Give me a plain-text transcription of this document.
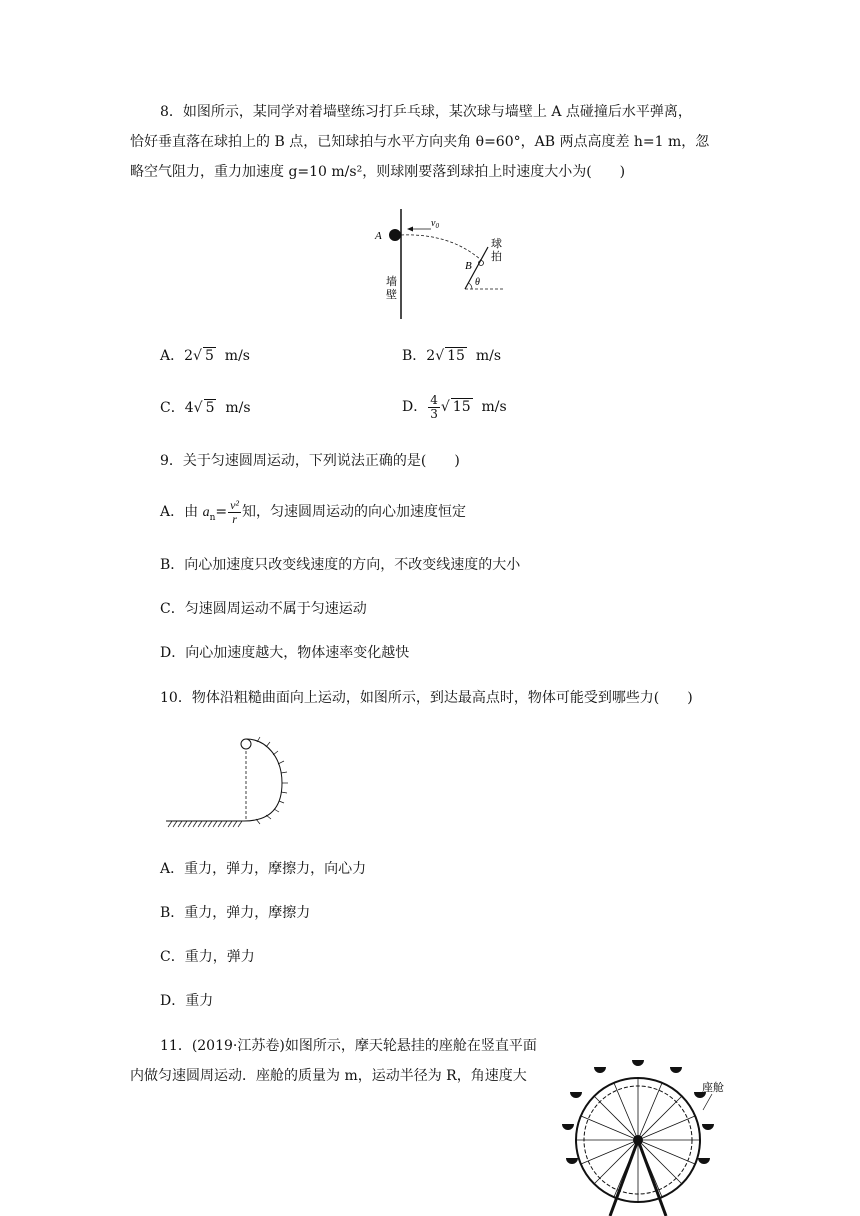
8．如图所示，某同学对着墙壁练习打乒乓球，某次球与墙壁上 A 点碰撞后水平弹离，
恰好垂直落在球拍上的 B 点，已知球拍与水平方向夹角 θ=60°，AB 两点高度差 h=1 m，忽
略空气阻力，重力加速度 g=10 m/s²，则球刚要落到球拍上时速度大小为(　　)
A
$v_0$
B
θ
球
拍
墙
壁
A．2√ 5 m/s	B．2√ 15 m/s
C．4√ 5 m/s	D． $\frac{4}{3}$ √ 15 m/s
9．关于匀速圆周运动，下列说法正确的是(　　)
A．由 $a_n= \frac{\text{v²}}{r}$ 知，匀速圆周运动的向心加速度恒定
B．向心加速度只改变线速度的方向，不改变线速度的大小
C．匀速圆周运动不属于匀速运动
D．向心加速度越大，物体速率变化越快
10．物体沿粗糙曲面向上运动，如图所示，到达最高点时，物体可能受到哪些力(　　)
A．重力，弹力，摩擦力，向心力
B．重力，弹力，摩擦力
C．重力，弹力
D．重力
11．(2019·江苏卷)如图所示，摩天轮悬挂的座舱在竖直平面
内做匀速圆周运动．座舱的质量为 m，运动半径为 R，角速度大
座舱
